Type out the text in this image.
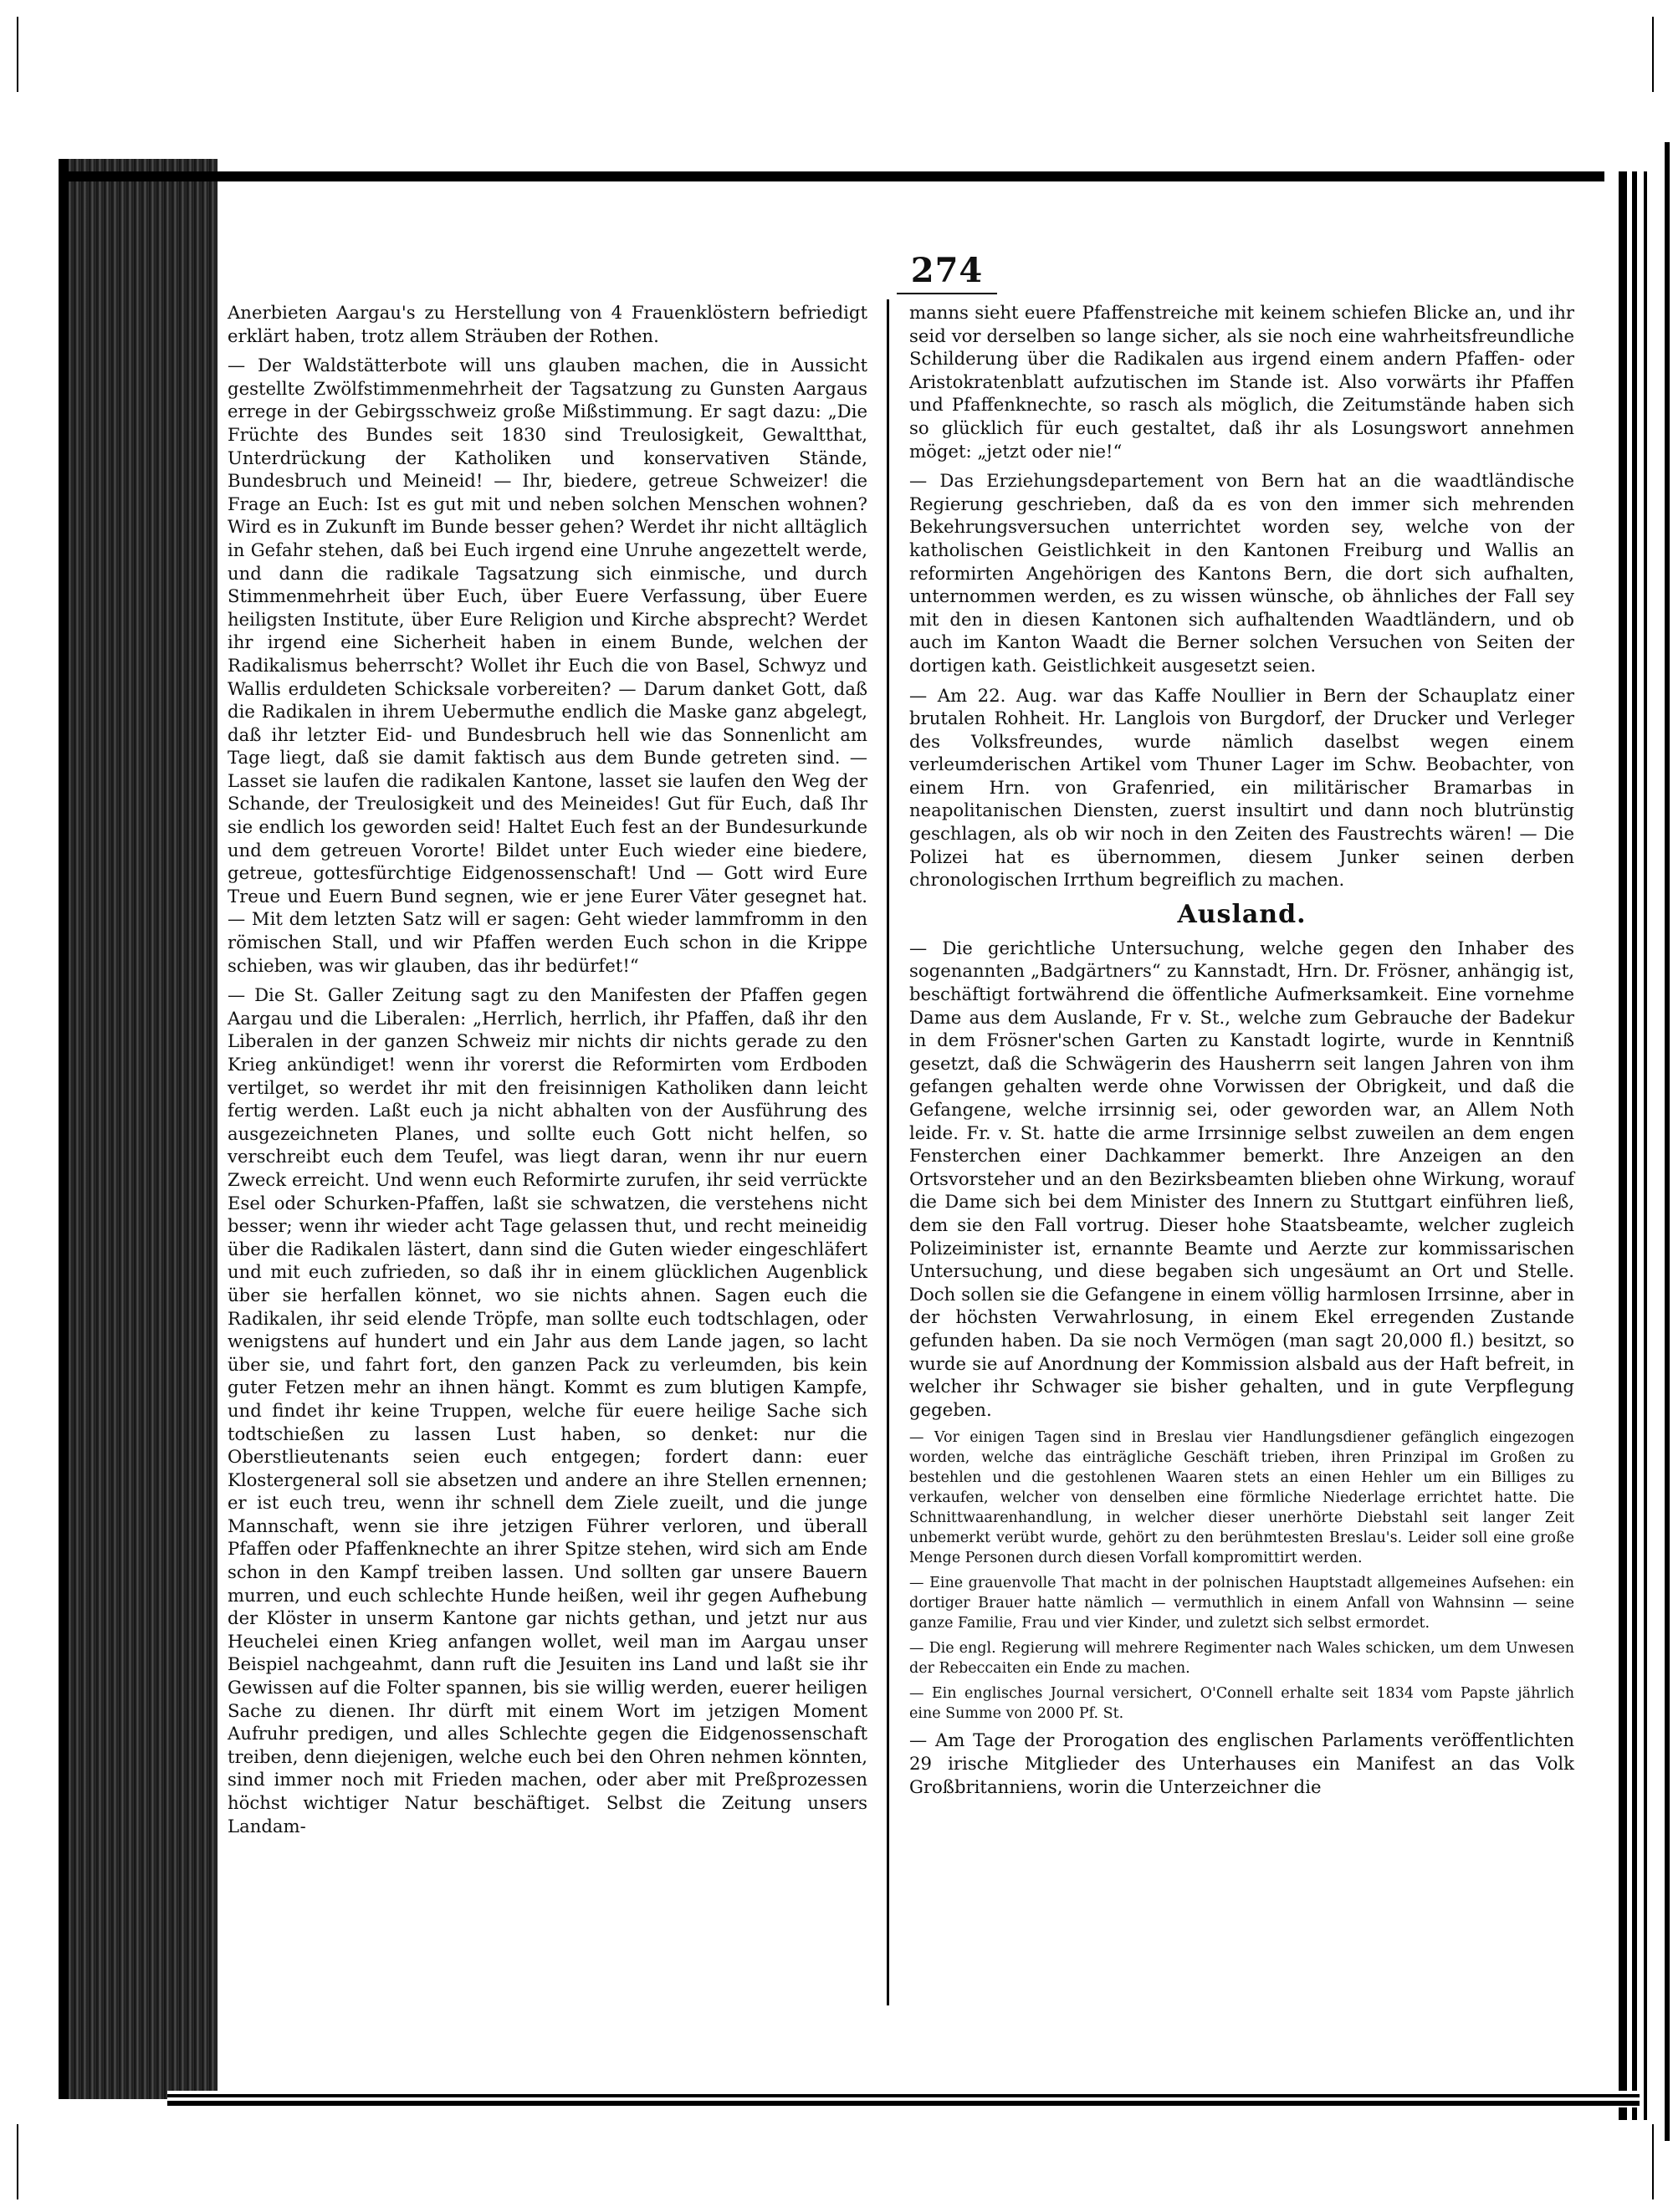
274

Anerbieten Aargau's zu Herstellung von 4 Frauenklöstern befriedigt erklärt haben, trotz allem Sträuben der Rothen.

— Der Waldstätterbote will uns glauben machen, die in Aussicht gestellte Zwölfstimmenmehrheit der Tagsatzung zu Gunsten Aargaus errege in der Gebirgsschweiz große Mißstimmung. Er sagt dazu: „Die Früchte des Bundes seit 1830 sind Treulosigkeit, Gewaltthat, Unterdrückung der Katholiken und konservativen Stände, Bundesbruch und Meineid! — Ihr, biedere, getreue Schweizer! die Frage an Euch: Ist es gut mit und neben solchen Menschen wohnen? Wird es in Zukunft im Bunde besser gehen? Werdet ihr nicht alltäglich in Gefahr stehen, daß bei Euch irgend eine Unruhe angezettelt werde, und dann die radikale Tagsatzung sich einmische, und durch Stimmenmehrheit über Euch, über Euere Verfassung, über Euere heiligsten Institute, über Eure Religion und Kirche absprecht? Werdet ihr irgend eine Sicherheit haben in einem Bunde, welchen der Radikalismus beherrscht? Wollet ihr Euch die von Basel, Schwyz und Wallis erduldeten Schicksale vorbereiten? — Darum danket Gott, daß die Radikalen in ihrem Uebermuthe endlich die Maske ganz abgelegt, daß ihr letzter Eid- und Bundesbruch hell wie das Sonnenlicht am Tage liegt, daß sie damit faktisch aus dem Bunde getreten sind. — Lasset sie laufen die radikalen Kantone, lasset sie laufen den Weg der Schande, der Treulosigkeit und des Meineides! Gut für Euch, daß Ihr sie endlich los geworden seid! Haltet Euch fest an der Bundesurkunde und dem getreuen Vororte! Bildet unter Euch wieder eine biedere, getreue, gottesfürchtige Eidgenossenschaft! Und — Gott wird Eure Treue und Euern Bund segnen, wie er jene Eurer Väter gesegnet hat. — Mit dem letzten Satz will er sagen: Geht wieder lammfromm in den römischen Stall, und wir Pfaffen werden Euch schon in die Krippe schieben, was wir glauben, das ihr bedürfet!“

— Die St. Galler Zeitung sagt zu den Manifesten der Pfaffen gegen Aargau und die Liberalen: „Herrlich, herrlich, ihr Pfaffen, daß ihr den Liberalen in der ganzen Schweiz mir nichts dir nichts gerade zu den Krieg ankündiget! wenn ihr vorerst die Reformirten vom Erdboden vertilget, so werdet ihr mit den freisinnigen Katholiken dann leicht fertig werden. Laßt euch ja nicht abhalten von der Ausführung des ausgezeichneten Planes, und sollte euch Gott nicht helfen, so verschreibt euch dem Teufel, was liegt daran, wenn ihr nur euern Zweck erreicht. Und wenn euch Reformirte zurufen, ihr seid verrückte Esel oder Schurken-Pfaffen, laßt sie schwatzen, die verstehens nicht besser; wenn ihr wieder acht Tage gelassen thut, und recht meineidig über die Radikalen lästert, dann sind die Guten wieder eingeschläfert und mit euch zufrieden, so daß ihr in einem glücklichen Augenblick über sie herfallen könnet, wo sie nichts ahnen. Sagen euch die Radikalen, ihr seid elende Tröpfe, man sollte euch todtschlagen, oder wenigstens auf hundert und ein Jahr aus dem Lande jagen, so lacht über sie, und fahrt fort, den ganzen Pack zu verleumden, bis kein guter Fetzen mehr an ihnen hängt. Kommt es zum blutigen Kampfe, und findet ihr keine Truppen, welche für euere heilige Sache sich todtschießen zu lassen Lust haben, so denket: nur die Oberstlieutenants seien euch entgegen; fordert dann: euer Klostergeneral soll sie absetzen und andere an ihre Stellen ernennen; er ist euch treu, wenn ihr schnell dem Ziele zueilt, und die junge Mannschaft, wenn sie ihre jetzigen Führer verloren, und überall Pfaffen oder Pfaffenknechte an ihrer Spitze stehen, wird sich am Ende schon in den Kampf treiben lassen. Und sollten gar unsere Bauern murren, und euch schlechte Hunde heißen, weil ihr gegen Aufhebung der Klöster in unserm Kantone gar nichts gethan, und jetzt nur aus Heuchelei einen Krieg anfangen wollet, weil man im Aargau unser Beispiel nachgeahmt, dann ruft die Jesuiten ins Land und laßt sie ihr Gewissen auf die Folter spannen, bis sie willig werden, euerer heiligen Sache zu dienen. Ihr dürft mit einem Wort im jetzigen Moment Aufruhr predigen, und alles Schlechte gegen die Eidgenossenschaft treiben, denn diejenigen, welche euch bei den Ohren nehmen könnten, sind immer noch mit Frieden machen, oder aber mit Preßprozessen höchst wichtiger Natur beschäftiget. Selbst die Zeitung unsers Landam-

manns sieht euere Pfaffenstreiche mit keinem schiefen Blicke an, und ihr seid vor derselben so lange sicher, als sie noch eine wahrheitsfreundliche Schilderung über die Radikalen aus irgend einem andern Pfaffen- oder Aristokratenblatt aufzutischen im Stande ist. Also vorwärts ihr Pfaffen und Pfaffenknechte, so rasch als möglich, die Zeitumstände haben sich so glücklich für euch gestaltet, daß ihr als Losungswort annehmen möget: „jetzt oder nie!“

— Das Erziehungsdepartement von Bern hat an die waadtländische Regierung geschrieben, daß da es von den immer sich mehrenden Bekehrungsversuchen unterrichtet worden sey, welche von der katholischen Geistlichkeit in den Kantonen Freiburg und Wallis an reformirten Angehörigen des Kantons Bern, die dort sich aufhalten, unternommen werden, es zu wissen wünsche, ob ähnliches der Fall sey mit den in diesen Kantonen sich aufhaltenden Waadtländern, und ob auch im Kanton Waadt die Berner solchen Versuchen von Seiten der dortigen kath. Geistlichkeit ausgesetzt seien.

— Am 22. Aug. war das Kaffe Noullier in Bern der Schauplatz einer brutalen Rohheit. Hr. Langlois von Burgdorf, der Drucker und Verleger des Volksfreundes, wurde nämlich daselbst wegen einem verleumderischen Artikel vom Thuner Lager im Schw. Beobachter, von einem Hrn. von Grafenried, ein militärischer Bramarbas in neapolitanischen Diensten, zuerst insultirt und dann noch blutrünstig geschlagen, als ob wir noch in den Zeiten des Faustrechts wären! — Die Polizei hat es übernommen, diesem Junker seinen derben chronologischen Irrthum begreiflich zu machen.

Ausland.

— Die gerichtliche Untersuchung, welche gegen den Inhaber des sogenannten „Badgärtners“ zu Kannstadt, Hrn. Dr. Frösner, anhängig ist, beschäftigt fortwährend die öffentliche Aufmerksamkeit. Eine vornehme Dame aus dem Auslande, Fr v. St., welche zum Gebrauche der Badekur in dem Frösner'schen Garten zu Kanstadt logirte, wurde in Kenntniß gesetzt, daß die Schwägerin des Hausherrn seit langen Jahren von ihm gefangen gehalten werde ohne Vorwissen der Obrigkeit, und daß die Gefangene, welche irrsinnig sei, oder geworden war, an Allem Noth leide. Fr. v. St. hatte die arme Irrsinnige selbst zuweilen an dem engen Fensterchen einer Dachkammer bemerkt. Ihre Anzeigen an den Ortsvorsteher und an den Bezirksbeamten blieben ohne Wirkung, worauf die Dame sich bei dem Minister des Innern zu Stuttgart einführen ließ, dem sie den Fall vortrug. Dieser hohe Staatsbeamte, welcher zugleich Polizeiminister ist, ernannte Beamte und Aerzte zur kommissarischen Untersuchung, und diese begaben sich ungesäumt an Ort und Stelle. Doch sollen sie die Gefangene in einem völlig harmlosen Irrsinne, aber in der höchsten Verwahrlosung, in einem Ekel erregenden Zustande gefunden haben. Da sie noch Vermögen (man sagt 20,000 fl.) besitzt, so wurde sie auf Anordnung der Kommission alsbald aus der Haft befreit, in welcher ihr Schwager sie bisher gehalten, und in gute Verpflegung gegeben.

— Vor einigen Tagen sind in Breslau vier Handlungsdiener gefänglich eingezogen worden, welche das einträgliche Geschäft trieben, ihren Prinzipal im Großen zu bestehlen und die gestohlenen Waaren stets an einen Hehler um ein Billiges zu verkaufen, welcher von denselben eine förmliche Niederlage errichtet hatte. Die Schnittwaarenhandlung, in welcher dieser unerhörte Diebstahl seit langer Zeit unbemerkt verübt wurde, gehört zu den berühmtesten Breslau's. Leider soll eine große Menge Personen durch diesen Vorfall kompromittirt werden.

— Eine grauenvolle That macht in der polnischen Hauptstadt allgemeines Aufsehen: ein dortiger Brauer hatte nämlich — vermuthlich in einem Anfall von Wahnsinn — seine ganze Familie, Frau und vier Kinder, und zuletzt sich selbst ermordet.

— Die engl. Regierung will mehrere Regimenter nach Wales schicken, um dem Unwesen der Rebeccaiten ein Ende zu machen.

— Ein englisches Journal versichert, O'Connell erhalte seit 1834 vom Papste jährlich eine Summe von 2000 Pf. St.

— Am Tage der Prorogation des englischen Parlaments veröffentlichten 29 irische Mitglieder des Unterhauses ein Manifest an das Volk Großbritanniens, worin die Unterzeichner die
